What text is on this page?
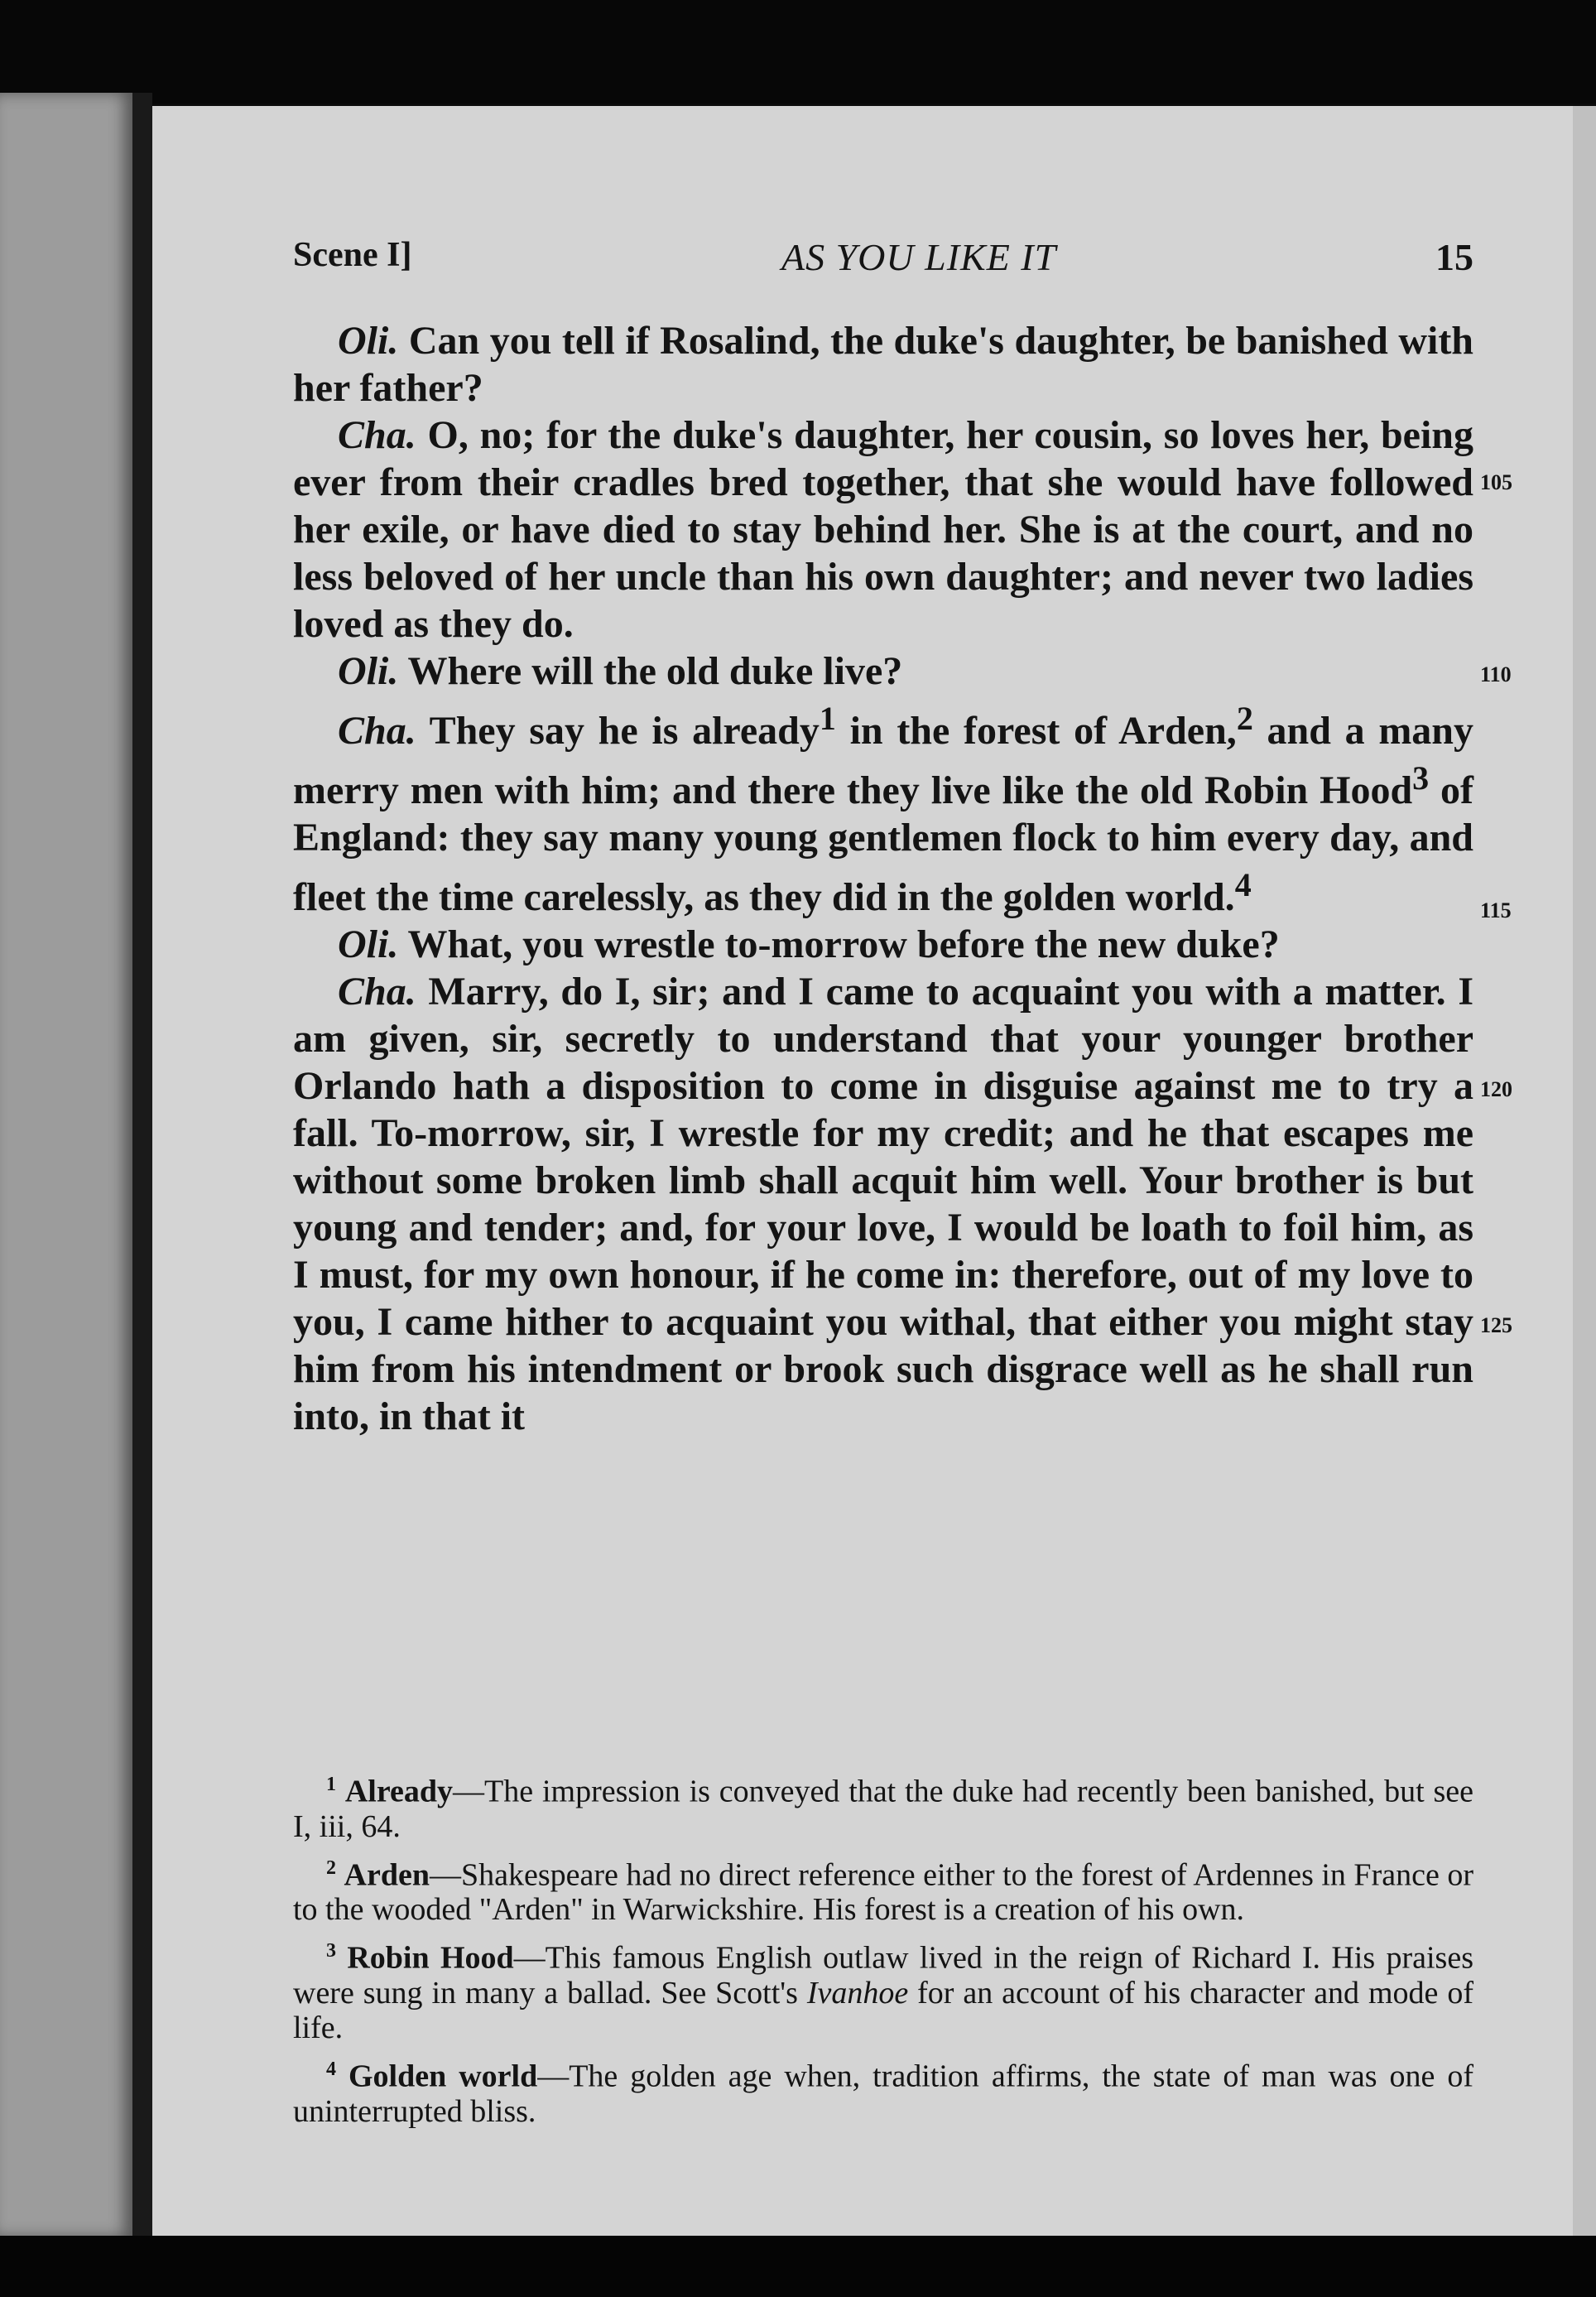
Scene I]	AS YOU LIKE IT	15

Oli. Can you tell if Rosalind, the duke's daughter, be banished with her father?

105
Cha. O, no; for the duke's daughter, her cousin, so loves her, being ever from their cradles bred together, that she would have followed her exile, or have died to stay behind her. She is at the court, and no less beloved of her uncle than his own daughter; and never two ladies loved as they do.

110
Oli. Where will the old duke live?

115
Cha. They say he is already$^1$ in the forest of Arden,$^2$ and a many merry men with him; and there they live like the old Robin Hood$^3$ of England: they say many young gentlemen flock to him every day, and fleet the time carelessly, as they did in the golden world.$^4$

Oli. What, you wrestle to-morrow before the new duke?

120
125
Cha. Marry, do I, sir; and I came to acquaint you with a matter. I am given, sir, secretly to understand that your younger brother Orlando hath a disposition to come in disguise against me to try a fall. To-morrow, sir, I wrestle for my credit; and he that escapes me without some broken limb shall acquit him well. Your brother is but young and tender; and, for your love, I would be loath to foil him, as I must, for my own honour, if he come in: therefore, out of my love to you, I came hither to acquaint you withal, that either you might stay him from his intendment or brook such disgrace well as he shall run into, in that it

$^1$ Already—The impression is conveyed that the duke had recently been banished, but see I, iii, 64.

$^2$ Arden—Shakespeare had no direct reference either to the forest of Ardennes in France or to the wooded "Arden" in Warwickshire. His forest is a creation of his own.

$^3$ Robin Hood—This famous English outlaw lived in the reign of Richard I. His praises were sung in many a ballad. See Scott's Ivanhoe for an account of his character and mode of life.

$^4$ Golden world—The golden age when, tradition affirms, the state of man was one of uninterrupted bliss.
